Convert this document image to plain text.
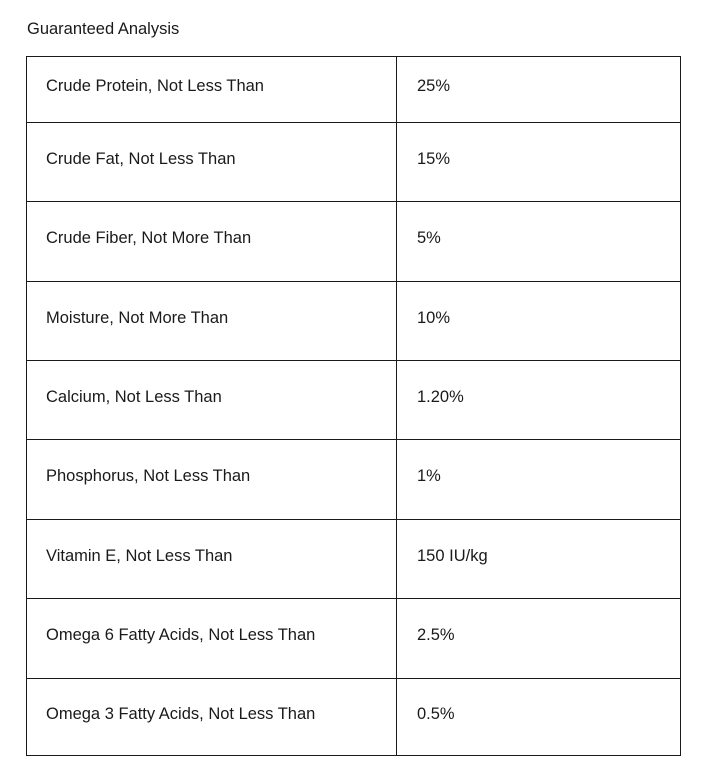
Guaranteed Analysis
Crude Protein, Not Less Than	25%
Crude Fat, Not Less Than	15%
Crude Fiber, Not More Than	5%
Moisture, Not More Than	10%
Calcium, Not Less Than	1.20%
Phosphorus, Not Less Than	1%
Vitamin E, Not Less Than	150 IU/kg
Omega 6 Fatty Acids, Not Less Than	2.5%
Omega 3 Fatty Acids, Not Less Than	0.5%
